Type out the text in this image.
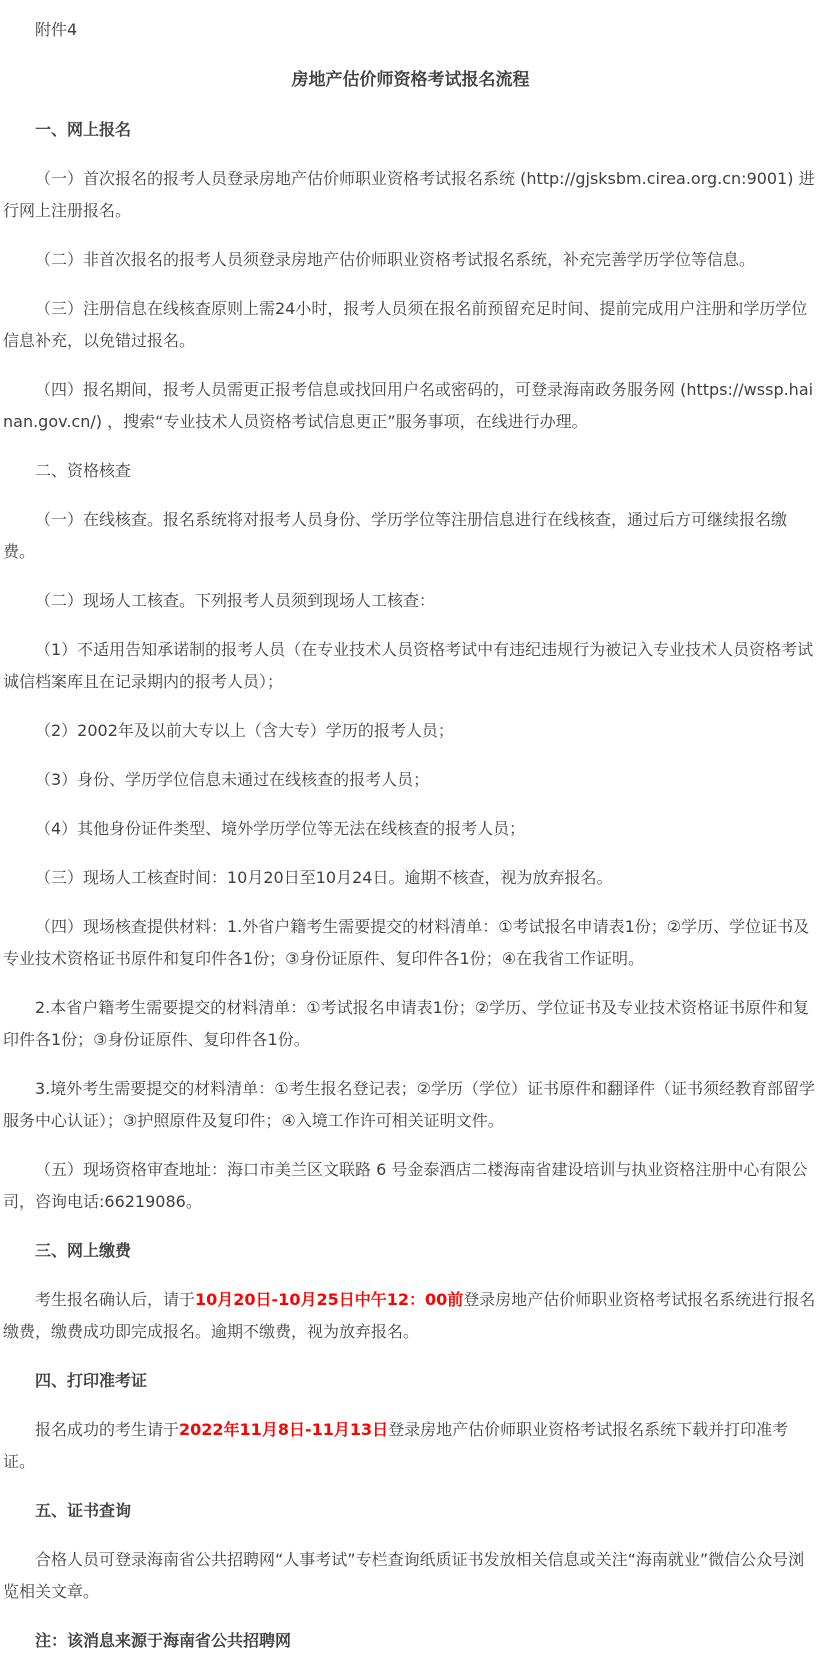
附件4

房地产估价师资格考试报名流程

一、网上报名

（一）首次报名的报考人员登录房地产估价师职业资格考试报名系统 (http://gjsksbm.cirea.org.cn:9001) 进行网上注册报名。

（二）非首次报名的报考人员须登录房地产估价师职业资格考试报名系统，补充完善学历学位等信息。

（三）注册信息在线核查原则上需24小时，报考人员须在报名前预留充足时间、提前完成用户注册和学历学位信息补充，以免错过报名。

（四）报名期间，报考人员需更正报考信息或找回用户名或密码的，可登录海南政务服务网 (https://wssp.hainan.gov.cn/) ，搜索“专业技术人员资格考试信息更正”服务事项，在线进行办理。

二、资格核查

（一）在线核查。报名系统将对报考人员身份、学历学位等注册信息进行在线核查，通过后方可继续报名缴费。

（二）现场人工核查。下列报考人员须到现场人工核查：

（1）不适用告知承诺制的报考人员（在专业技术人员资格考试中有违纪违规行为被记入专业技术人员资格考试诚信档案库且在记录期内的报考人员）；

（2）2002年及以前大专以上（含大专）学历的报考人员；

（3）身份、学历学位信息未通过在线核查的报考人员；

（4）其他身份证件类型、境外学历学位等无法在线核查的报考人员；

（三）现场人工核查时间：10月20日至10月24日。逾期不核查，视为放弃报名。

（四）现场核查提供材料：1.外省户籍考生需要提交的材料清单：①考试报名申请表1份；②学历、学位证书及专业技术资格证书原件和复印件各1份；③身份证原件、复印件各1份；④在我省工作证明。

2.本省户籍考生需要提交的材料清单：①考试报名申请表1份；②学历、学位证书及专业技术资格证书原件和复印件各1份；③身份证原件、复印件各1份。

3.境外考生需要提交的材料清单：①考生报名登记表；②学历（学位）证书原件和翻译件（证书须经教育部留学服务中心认证）；③护照原件及复印件；④入境工作许可相关证明文件。

（五）现场资格审查地址：海口市美兰区文联路 6 号金泰酒店二楼海南省建设培训与执业资格注册中心有限公司，咨询电话:66219086。

三、网上缴费

考生报名确认后，请于10月20日-10月25日中午12：00前登录房地产估价师职业资格考试报名系统进行报名缴费，缴费成功即完成报名。逾期不缴费，视为放弃报名。

四、打印准考证

报名成功的考生请于2022年11月8日-11月13日登录房地产估价师职业资格考试报名系统下载并打印准考证。

五、证书查询

合格人员可登录海南省公共招聘网“人事考试”专栏查询纸质证书发放相关信息或关注“海南就业”微信公众号浏览相关文章。

注：该消息来源于海南省公共招聘网
